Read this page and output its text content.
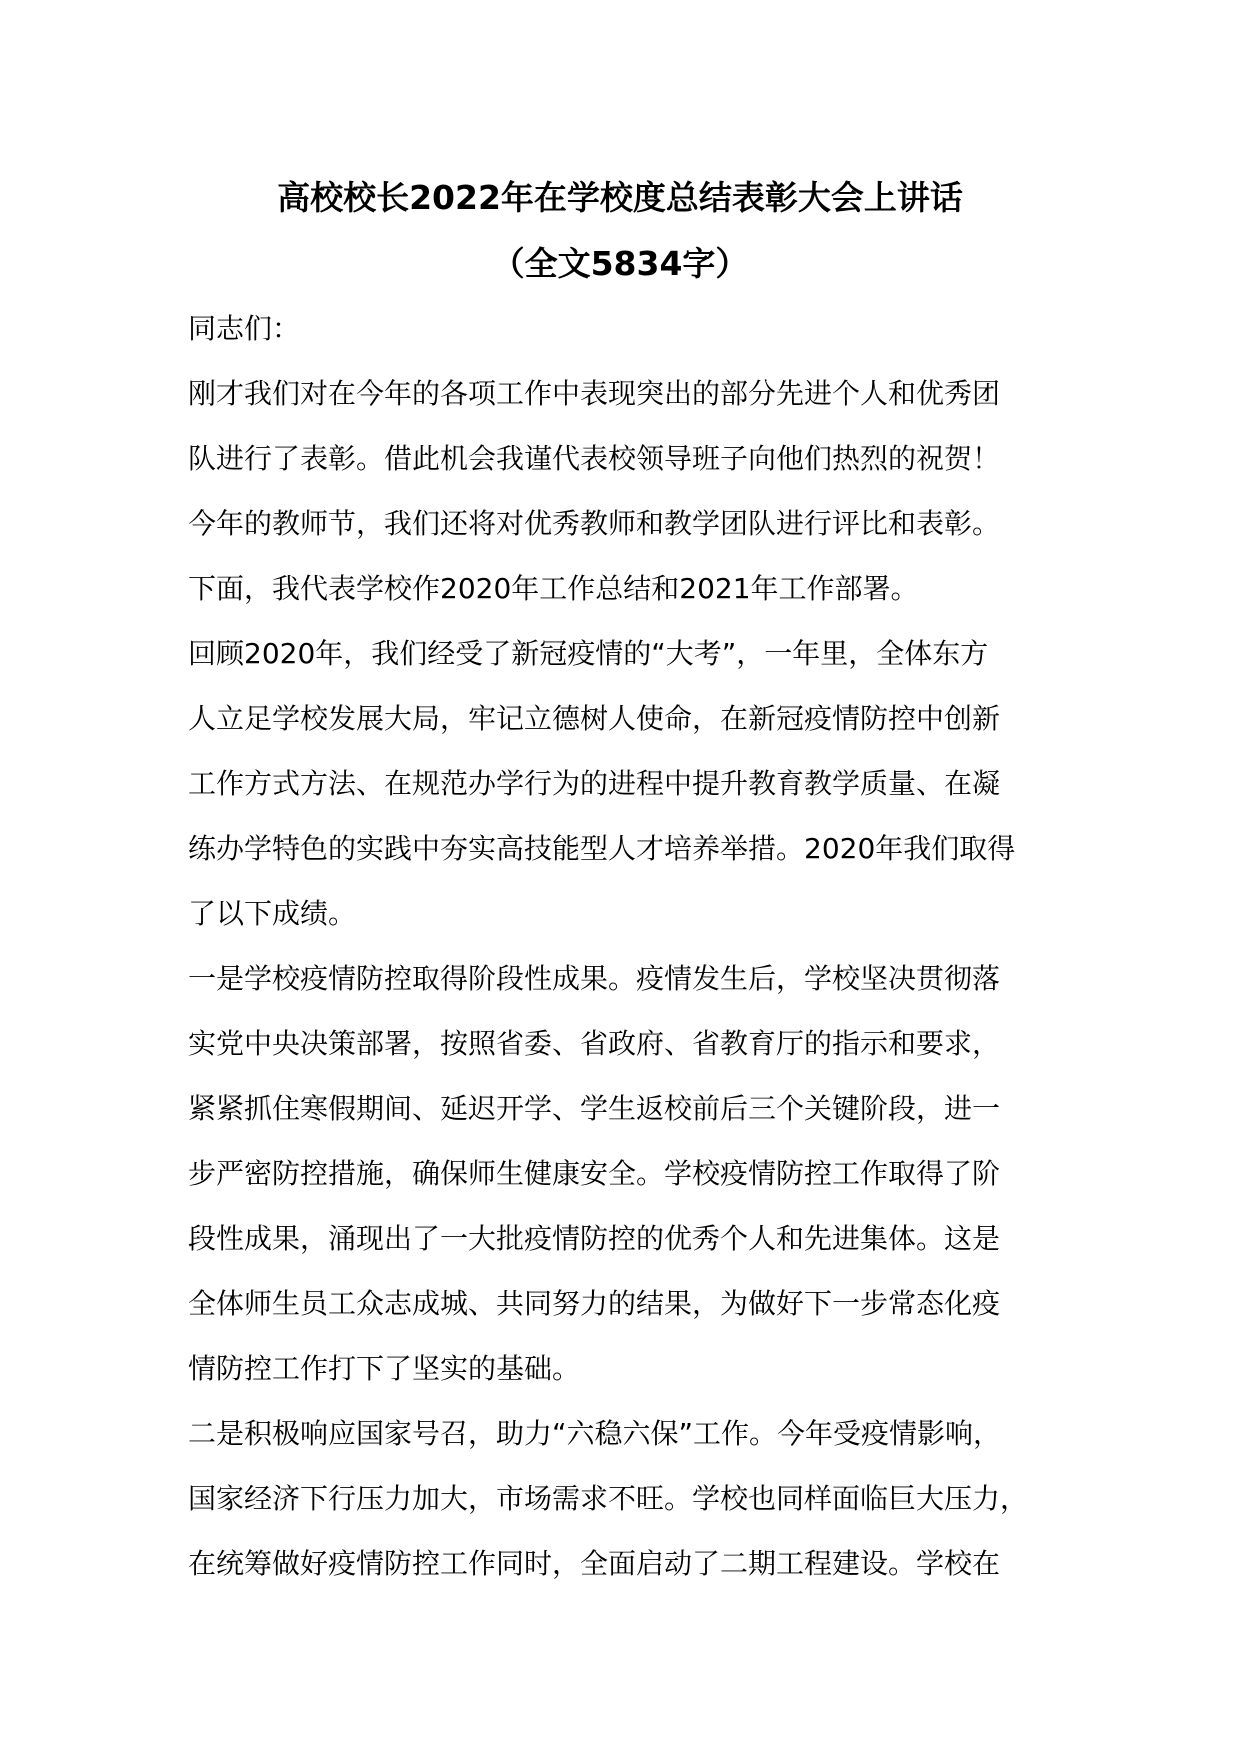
高校校长2022年在学校度总结表彰大会上讲话
（全文5834字）
同志们：
刚才我们对在今年的各项工作中表现突出的部分先进个人和优秀团
队进行了表彰。借此机会我谨代表校领导班子向他们热烈的祝贺！
今年的教师节，我们还将对优秀教师和教学团队进行评比和表彰。
下面，我代表学校作2020年工作总结和2021年工作部署。
回顾2020年，我们经受了新冠疫情的“大考”，一年里，全体东方
人立足学校发展大局，牢记立德树人使命，在新冠疫情防控中创新
工作方式方法、在规范办学行为的进程中提升教育教学质量、在凝
练办学特色的实践中夯实高技能型人才培养举措。2020年我们取得
了以下成绩。
一是学校疫情防控取得阶段性成果。疫情发生后，学校坚决贯彻落
实党中央决策部署，按照省委、省政府、省教育厅的指示和要求，
紧紧抓住寒假期间、延迟开学、学生返校前后三个关键阶段，进一
步严密防控措施，确保师生健康安全。学校疫情防控工作取得了阶
段性成果，涌现出了一大批疫情防控的优秀个人和先进集体。这是
全体师生员工众志成城、共同努力的结果，为做好下一步常态化疫
情防控工作打下了坚实的基础。
二是积极响应国家号召，助力“六稳六保”工作。今年受疫情影响，
国家经济下行压力加大，市场需求不旺。学校也同样面临巨大压力，
在统筹做好疫情防控工作同时，全面启动了二期工程建设。学校在
